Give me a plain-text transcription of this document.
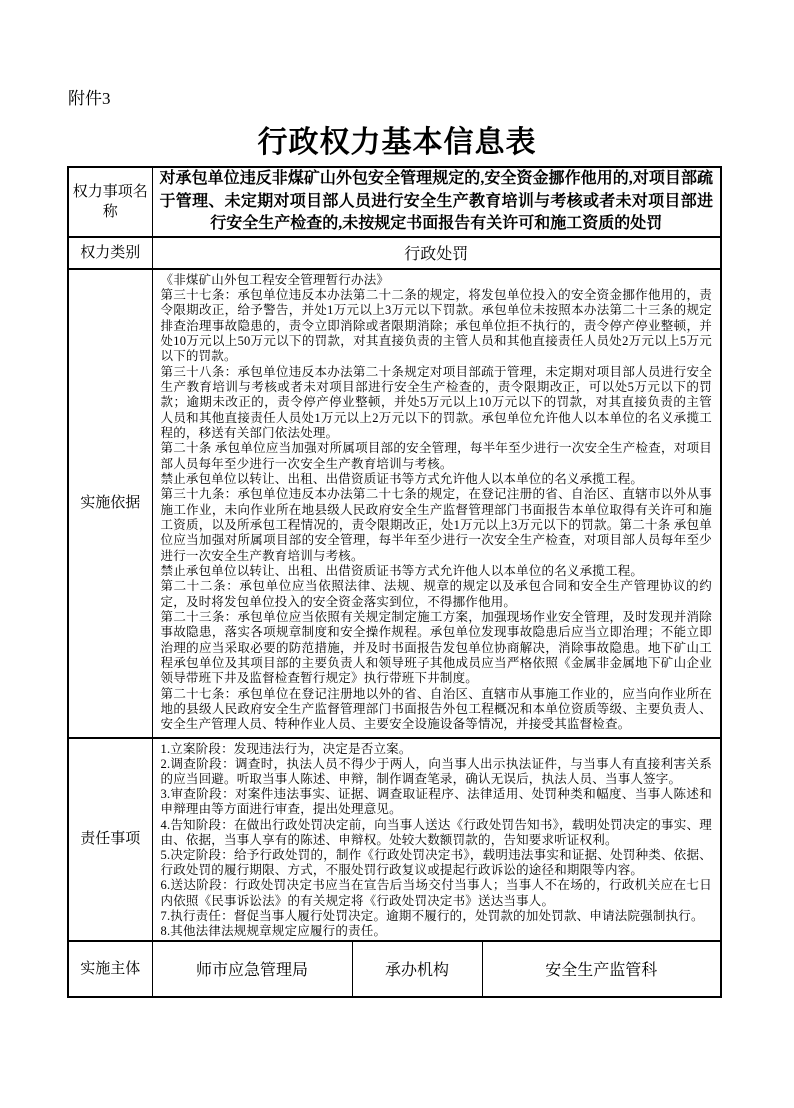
附件3
行政权力基本信息表
权力事项名称	对承包单位违反非煤矿山外包安全管理规定的,安全资金挪作他用的,对项目部疏于管理、未定期对项目部人员进行安全生产教育培训与考核或者未对项目部进行安全生产检查的,未按规定书面报告有关许可和施工资质的处罚		

权力类别	行政处罚		
实施依据	
《非煤矿山外包工程安全管理暂行办法》
第三十七条：承包单位违反本办法第二十二条的规定，将发包单位投入的安全资金挪作他用的，责令限期改正，给予警告，并处1万元以上3万元以下罚款。承包单位未按照本办法第二十三条的规定排查治理事故隐患的，责令立即消除或者限期消除；承包单位拒不执行的，责令停产停业整顿，并处10万元以上50万元以下的罚款，对其直接负责的主管人员和其他直接责任人员处2万元以上5万元以下的罚款。
第三十八条：承包单位违反本办法第二十条规定对项目部疏于管理，未定期对项目部人员进行安全生产教育培训与考核或者未对项目部进行安全生产检查的，责令限期改正，可以处5万元以下的罚款；逾期未改正的，责令停产停业整顿，并处5万元以上10万元以下的罚款，对其直接负责的主管人员和其他直接责任人员处1万元以上2万元以下的罚款。承包单位允许他人以本单位的名义承揽工程的，移送有关部门依法处理。
第二十条 承包单位应当加强对所属项目部的安全管理，每半年至少进行一次安全生产检查，对项目部人员每年至少进行一次安全生产教育培训与考核。
禁止承包单位以转让、出租、出借资质证书等方式允许他人以本单位的名义承揽工程。
第三十九条：承包单位违反本办法第二十七条的规定，在登记注册的省、自治区、直辖市以外从事施工作业，未向作业所在地县级人民政府安全生产监督管理部门书面报告本单位取得有关许可和施工资质，以及所承包工程情况的，责令限期改正，处1万元以上3万元以下的罚款。第二十条 承包单位应当加强对所属项目部的安全管理，每半年至少进行一次安全生产检查，对项目部人员每年至少进行一次安全生产教育培训与考核。
禁止承包单位以转让、出租、出借资质证书等方式允许他人以本单位的名义承揽工程。
第二十二条：承包单位应当依照法律、法规、规章的规定以及承包合同和安全生产管理协议的约定，及时将发包单位投入的安全资金落实到位，不得挪作他用。
第二十三条：承包单位应当依照有关规定制定施工方案，加强现场作业安全管理，及时发现并消除事故隐患，落实各项规章制度和安全操作规程。承包单位发现事故隐患后应当立即治理；不能立即治理的应当采取必要的防范措施，并及时书面报告发包单位协商解决，消除事故隐患。地下矿山工程承包单位及其项目部的主要负责人和领导班子其他成员应当严格依照《金属非金属地下矿山企业领导带班下井及监督检查暂行规定》执行带班下井制度。
第二十七条：承包单位在登记注册地以外的省、自治区、直辖市从事施工作业的，应当向作业所在地的县级人民政府安全生产监督管理部门书面报告外包工程概况和本单位资质等级、主要负责人、安全生产管理人员、特种作业人员、主要安全设施设备等情况，并接受其监督检查。

责任事项	
1.立案阶段：发现违法行为，决定是否立案。
2.调查阶段：调查时，执法人员不得少于两人，向当事人出示执法证件，与当事人有直接利害关系的应当回避。听取当事人陈述、申辩，制作调查笔录，确认无误后，执法人员、当事人签字。
3.审查阶段：对案件违法事实、证据、调查取证程序、法律适用、处罚种类和幅度、当事人陈述和申辩理由等方面进行审查，提出处理意见。
4.告知阶段：在做出行政处罚决定前，向当事人送达《行政处罚告知书》，载明处罚决定的事实、理由、依据，当事人享有的陈述、申辩权。处较大数额罚款的，告知要求听证权利。
5.决定阶段：给予行政处罚的，制作《行政处罚决定书》，载明违法事实和证据、处罚种类、依据、行政处罚的履行期限、方式，不服处罚行政复议或提起行政诉讼的途径和期限等内容。
6.送达阶段：行政处罚决定书应当在宣告后当场交付当事人；当事人不在场的，行政机关应在七日内依照《民事诉讼法》的有关规定将《行政处罚决定书》送达当事人。
7.执行责任：督促当事人履行处罚决定。逾期不履行的，处罚款的加处罚款、申请法院强制执行。
8.其他法律法规规章规定应履行的责任。

实施主体	师市应急管理局	承办机构	安全生产监管科
